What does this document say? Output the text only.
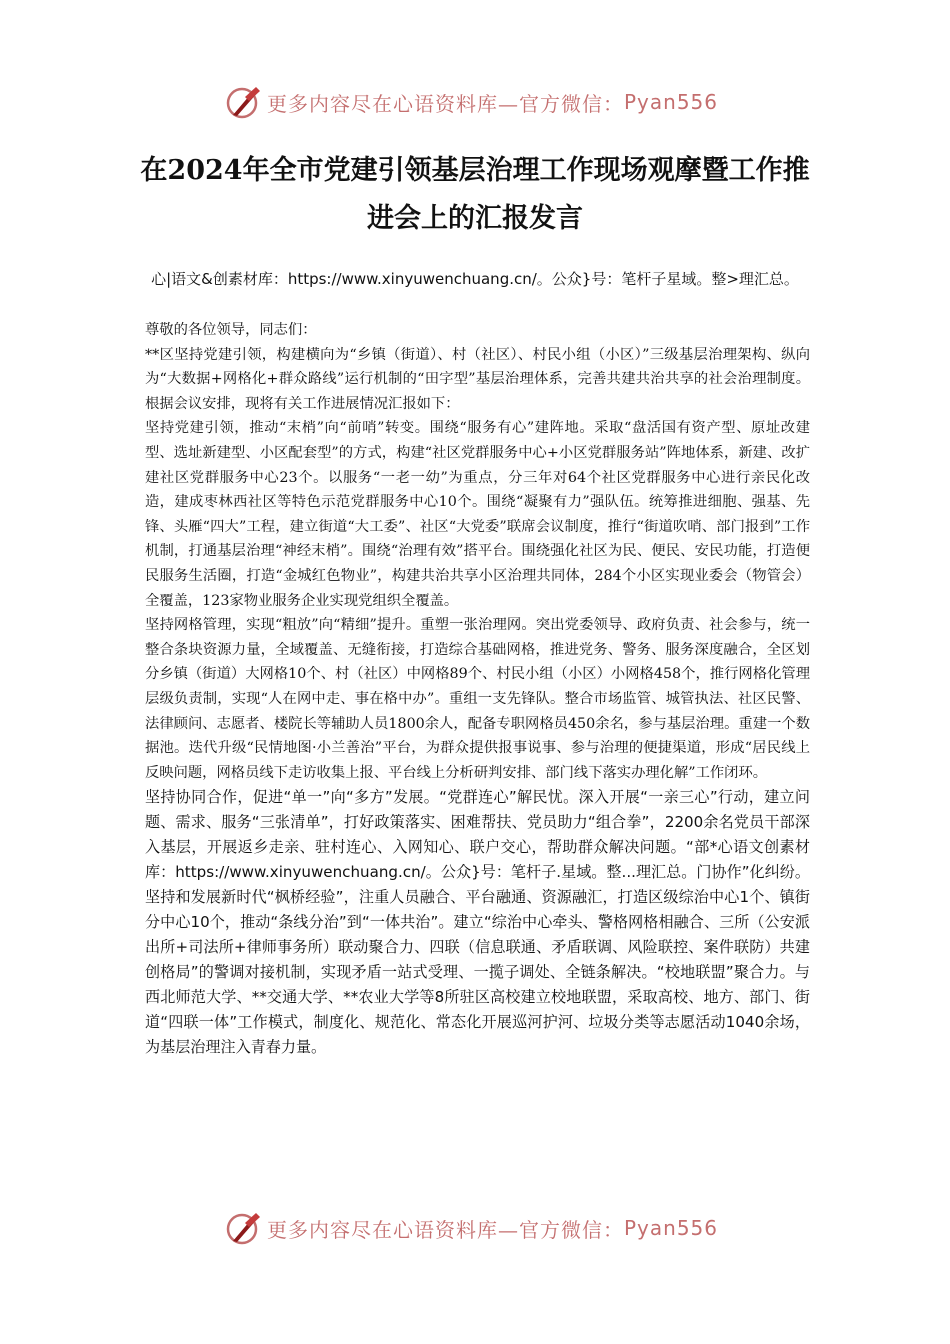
更多内容尽在心语资料库—官方微信： Pyan556
在2024年全市党建引领基层治理工作现场观摩暨工作推进会上的汇报发言
心|语文&创素材库：https://www.xinyuwenchuang.cn/。公众}号：笔杆子星域。整>理汇总。

尊敬的各位领导，同志们：

**区坚持党建引领，构建横向为“乡镇（街道）、村（社区）、村民小组（小区）”三级基层治理架构、纵向为“大数据+网格化+群众路线”运行机制的“田字型”基层治理体系，完善共建共治共享的社会治理制度。根据会议安排，现将有关工作进展情况汇报如下：

坚持党建引领，推动“末梢”向“前哨”转变。围绕“服务有心”建阵地。采取“盘活国有资产型、原址改建型、选址新建型、小区配套型”的方式，构建“社区党群服务中心+小区党群服务站”阵地体系，新建、改扩建社区党群服务中心23个。以服务“一老一幼”为重点，分三年对64个社区党群服务中心进行亲民化改造，建成枣林西社区等特色示范党群服务中心10个。围绕“凝聚有力”强队伍。统筹推进细胞、强基、先锋、头雁“四大”工程，建立街道“大工委”、社区“大党委”联席会议制度，推行“街道吹哨、部门报到”工作机制，打通基层治理“神经末梢”。围绕“治理有效”搭平台。围绕强化社区为民、便民、安民功能，打造便民服务生活圈，打造“金城红色物业”，构建共治共享小区治理共同体，284个小区实现业委会（物管会）全覆盖，123家物业服务企业实现党组织全覆盖。

坚持网格管理，实现“粗放”向“精细”提升。重塑一张治理网。突出党委领导、政府负责、社会参与，统一整合条块资源力量，全域覆盖、无缝衔接，打造综合基础网格，推进党务、警务、服务深度融合，全区划分乡镇（街道）大网格10个、村（社区）中网格89个、村民小组（小区）小网格458个，推行网格化管理层级负责制，实现“人在网中走、事在格中办”。重组一支先锋队。整合市场监管、城管执法、社区民警、法律顾问、志愿者、楼院长等辅助人员1800余人，配备专职网格员450余名，参与基层治理。重建一个数据池。迭代升级“民情地图·小兰善治”平台，为群众提供报事说事、参与治理的便捷渠道，形成“居民线上反映问题，网格员线下走访收集上报、平台线上分析研判安排、部门线下落实办理化解”工作闭环。

坚持协同合作，促进“单一”向“多方”发展。“党群连心”解民忧。深入开展“一亲三心”行动，建立问题、需求、服务“三张清单”，打好政策落实、困难帮扶、党员助力“组合拳”，2200余名党员干部深入基层，开展返乡走亲、驻村连心、入网知心、联户交心，帮助群众解决问题。“部*心语文创素材库：https://www.xinyuwenchuang.cn/。公众}号：笔杆子.星域。整...理汇总。门协作”化纠纷。坚持和发展新时代“枫桥经验”，注重人员融合、平台融通、资源融汇，打造区级综治中心1个、镇街分中心10个，推动“条线分治”到“一体共治”。建立“综治中心牵头、警格网格相融合、三所（公安派出所+司法所+律师事务所）联动聚合力、四联（信息联通、矛盾联调、风险联控、案件联防）共建创格局”的警调对接机制，实现矛盾一站式受理、一揽子调处、全链条解决。“校地联盟”聚合力。与西北师范大学、**交通大学、**农业大学等8所驻区高校建立校地联盟，采取高校、地方、部门、街道“四联一体”工作模式，制度化、规范化、常态化开展巡河护河、垃圾分类等志愿活动1040余场，为基层治理注入青春力量。

更多内容尽在心语资料库—官方微信： Pyan556
